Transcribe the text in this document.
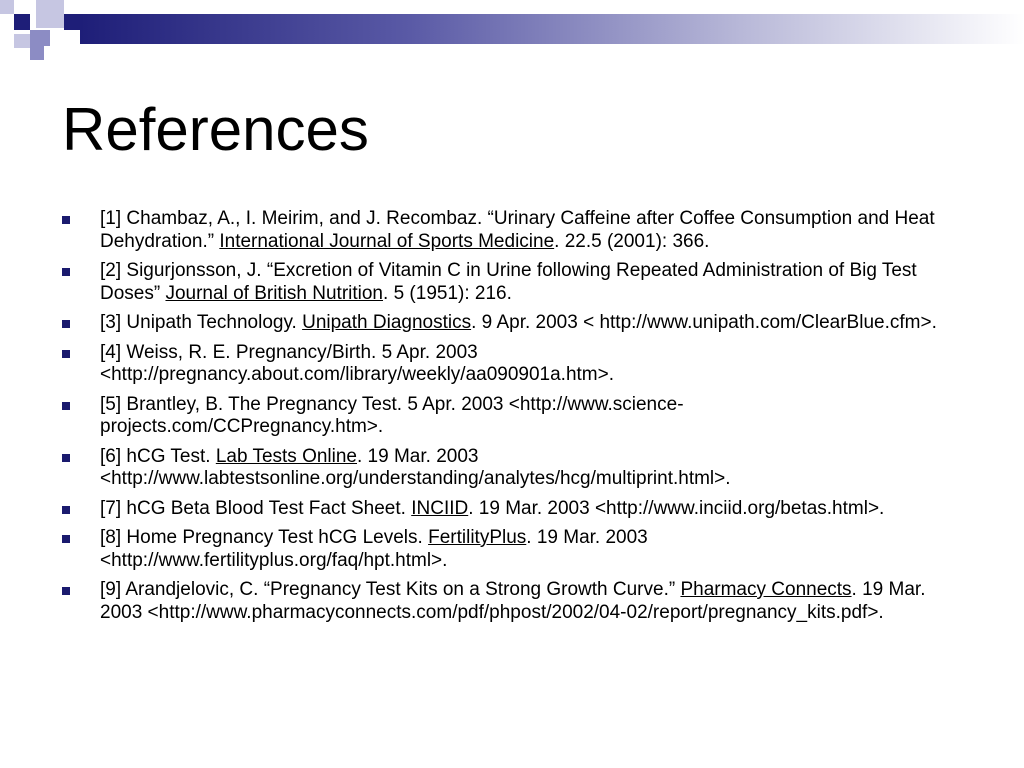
References
[1] Chambaz, A., I. Meirim, and J. Recombaz. “Urinary Caffeine after Coffee Consumption and Heat Dehydration.” International Journal of Sports Medicine. 22.5 (2001): 366.
[2] Sigurjonsson, J. “Excretion of Vitamin C in Urine following Repeated Administration of Big Test Doses” Journal of British Nutrition. 5 (1951): 216.
[3] Unipath Technology. Unipath Diagnostics. 9 Apr. 2003 < http://www.unipath.com/ClearBlue.cfm>.
[4] Weiss, R. E. Pregnancy/Birth. 5 Apr. 2003 <http://pregnancy.about.com/library/weekly/aa090901a.htm>.
[5] Brantley, B. The Pregnancy Test. 5 Apr. 2003 <http://www.science-projects.com/CCPregnancy.htm>.
[6] hCG Test. Lab Tests Online. 19 Mar. 2003 <http://www.labtestsonline.org/understanding/analytes/hcg/multiprint.html>.
[7] hCG Beta Blood Test Fact Sheet. INCIID. 19 Mar. 2003 <http://www.inciid.org/betas.html>.
[8] Home Pregnancy Test hCG Levels. FertilityPlus. 19 Mar. 2003 <http://www.fertilityplus.org/faq/hpt.html>.
[9] Arandjelovic, C. “Pregnancy Test Kits on a Strong Growth Curve.” Pharmacy Connects. 19 Mar. 2003 <http://www.pharmacyconnects.com/pdf/phpost/2002/04-02/report/pregnancy_kits.pdf>.
